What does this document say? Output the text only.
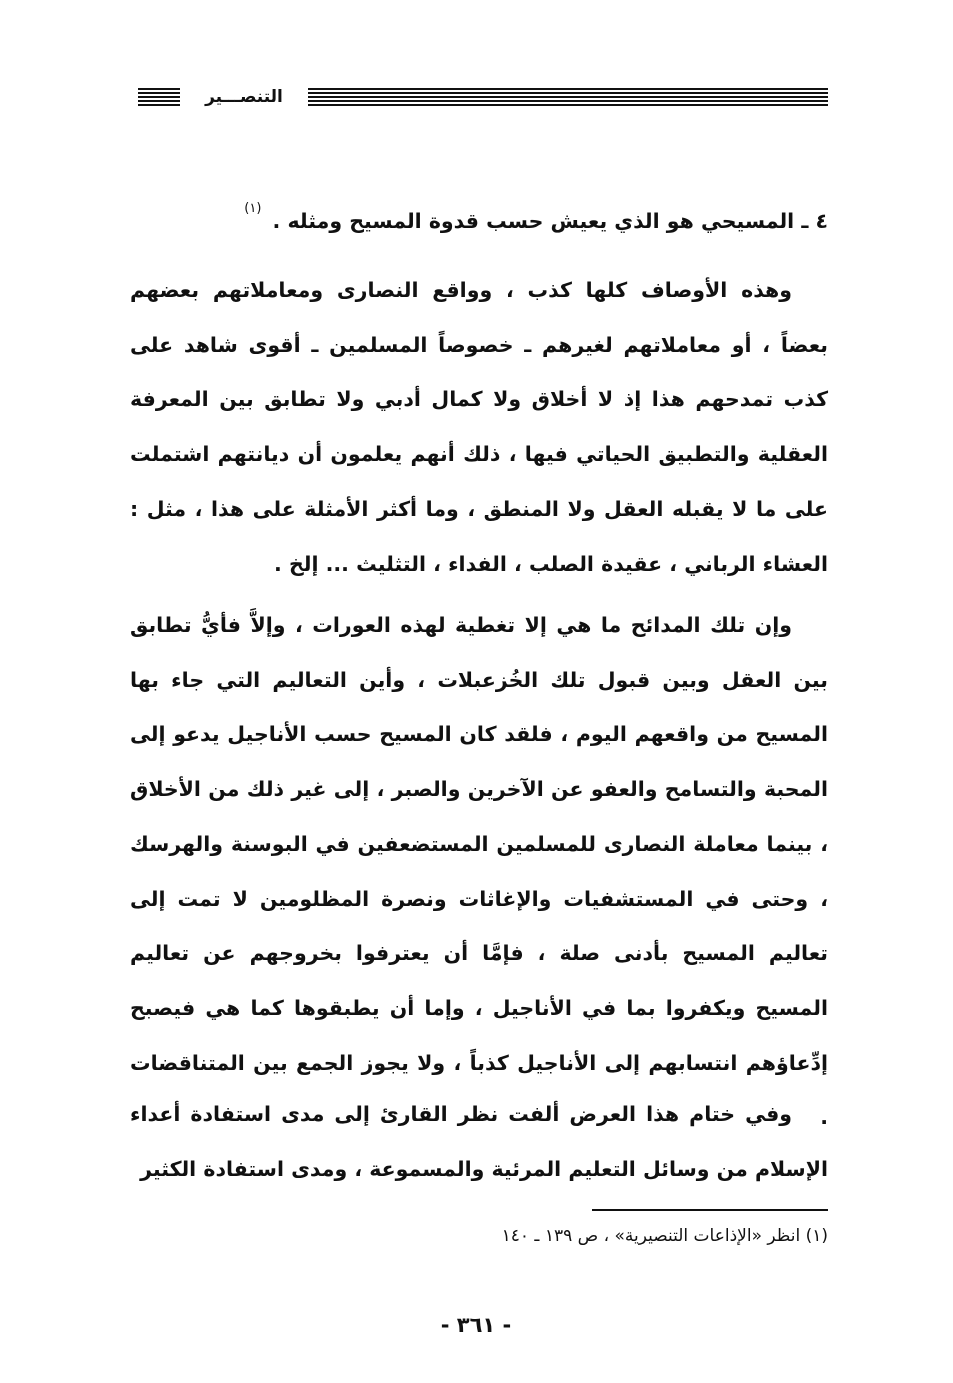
التنصـــير
٤ ـ المسيحي هو الذي يعيش حسب قدوة المسيح ومثله . $^{(١)}$
وهذه الأوصاف كلها كذب ، وواقع النصارى ومعاملاتهم بعضهم بعضاً ، أو معاملاتهم لغيرهم ـ خصوصاً المسلمين ـ أقوى شاهد على كذب تمدحهم هذا إذ لا أخلاق ولا كمال أدبي ولا تطابق بين المعرفة العقلية والتطبيق الحياتي فيها ، ذلك أنهم يعلمون أن ديانتهم اشتملت على ما لا يقبله العقل ولا المنطق ، وما أكثر الأمثلة على هذا ، مثل : العشاء الرباني ، عقيدة الصلب ، الفداء ، التثليث ... إلخ .
وإن تلك المدائح ما هي إلا تغطية لهذه العورات ، وإلاَّ فأيُّ تطابق بين العقل وبين قبول تلك الخُزعبلات ، وأين التعاليم التي جاء بها المسيح من واقعهم اليوم ، فلقد كان المسيح حسب الأناجيل يدعو إلى المحبة والتسامح والعفو عن الآخرين والصبر ، إلى غير ذلك من الأخلاق ، بينما معاملة النصارى للمسلمين المستضعفين في البوسنة والهرسك ، وحتى في المستشفيات والإغاثات ونصرة المظلومين لا تمت إلى تعاليم المسيح بأدنى صلة ، فإمَّا أن يعترفوا بخروجهم عن تعاليم المسيح ويكفروا بما في الأناجيل ، وإما أن يطبقوها كما هي فيصبح إدِّعاؤهم انتسابهم إلى الأناجيل كذباً ، ولا يجوز الجمع بين المتناقضات .
وفي ختام هذا العرض ألفت نظر القارئ إلى مدى استفادة أعداء الإسلام من وسائل التعليم المرئية والمسموعة ، ومدى استفادة الكثير
(١) انظر «الإذاعات التنصيرية» ، ص ١٣٩ ـ ١٤٠
- ٣٦١ -
